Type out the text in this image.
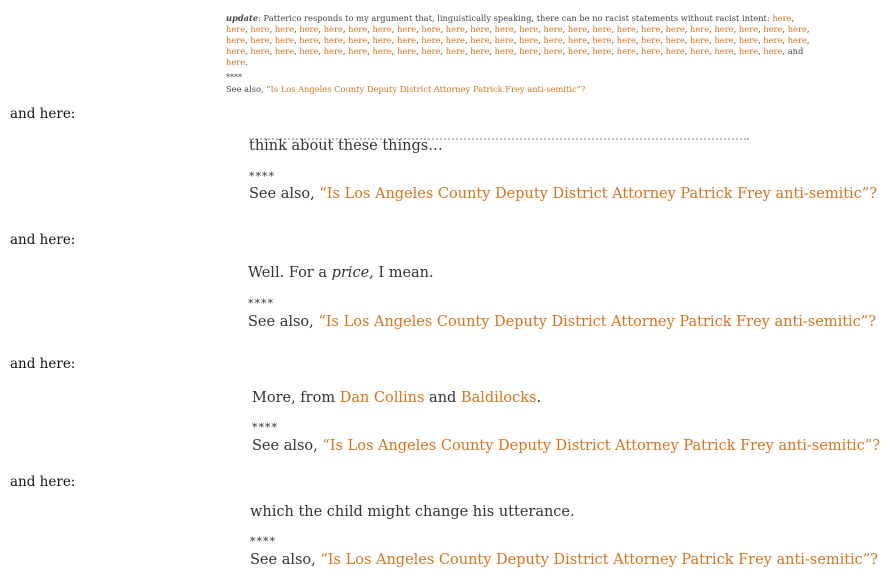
update: Patterico responds to my argument that, linguistically speaking, there can be no racist statements without racist intent: here, here, here, here, here, here, here, here, here, here, here, here, here, here, here, here, here, here, here, here, here, here, here, here, here, here, here, here, here, here, here, here, here, here, here, here, here, here, here, here, here, here, here, here, here, here, here, here, here, here, here, here, here, here, here, here, here, here, here, here, here, here, here, here, here, here, here, here, here, here, here, here, and here.
****
See also, “Is Los Angeles County Deputy District Attorney Patrick Frey anti-semitic”?
and here:
and here:
and here:
and here:
think about these things…
****
See also, “Is Los Angeles County Deputy District Attorney Patrick Frey anti-semitic”?
Well. For a price, I mean.
****
See also, “Is Los Angeles County Deputy District Attorney Patrick Frey anti-semitic”?
More, from Dan Collins and Baldilocks.
****
See also, “Is Los Angeles County Deputy District Attorney Patrick Frey anti-semitic”?
which the child might change his utterance.
****
See also, “Is Los Angeles County Deputy District Attorney Patrick Frey anti-semitic”?
